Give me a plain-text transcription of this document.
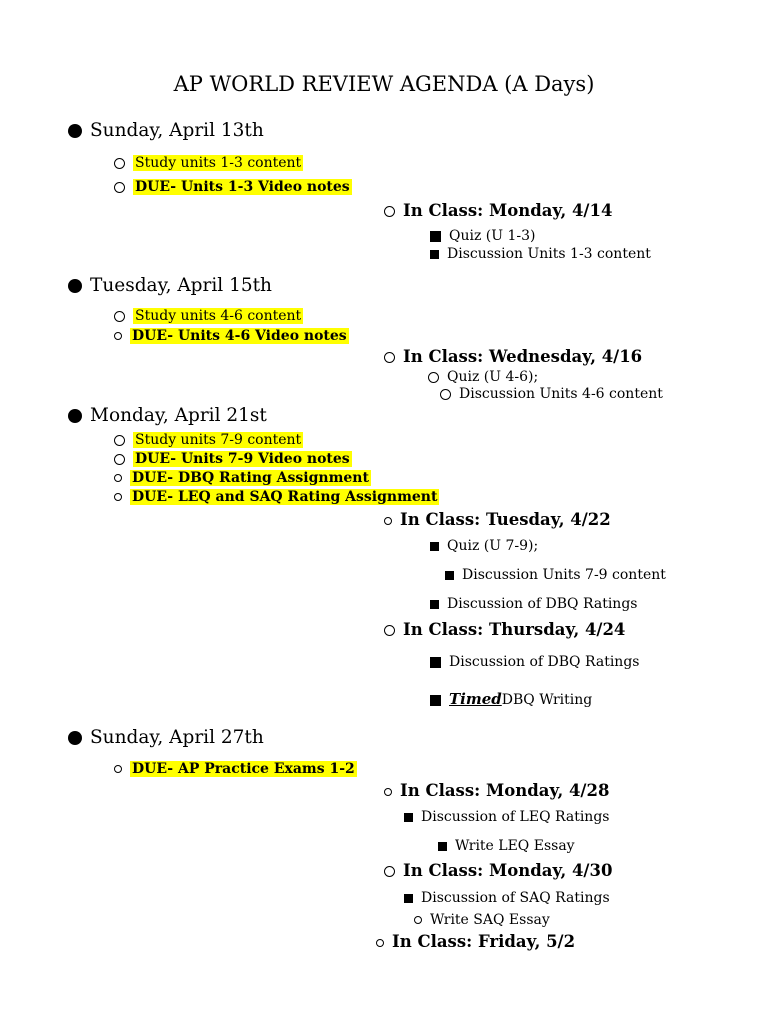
AP WORLD REVIEW AGENDA (A Days)
Sunday, April 13th
Study units 1-3 content
DUE- Units 1-3 Video notes
In Class: Monday, 4/14
Quiz (U 1-3)
Discussion Units 1-3 content
Tuesday, April 15th
Study units 4-6 content
DUE- Units 4-6 Video notes
In Class: Wednesday, 4/16
Quiz (U 4-6);
Discussion Units 4-6 content
Monday, April 21st
Study units 7-9 content
DUE- Units 7-9 Video notes
DUE- DBQ Rating Assignment
DUE- LEQ and SAQ Rating Assignment
In Class: Tuesday, 4/22
Quiz (U 7-9);
Discussion Units 7-9 content
Discussion of DBQ Ratings
In Class: Thursday, 4/24
Discussion of DBQ Ratings
TimedDBQ Writing
Sunday, April 27th
DUE- AP Practice Exams 1-2
In Class: Monday, 4/28
Discussion of LEQ Ratings
Write LEQ Essay
In Class: Monday, 4/30
Discussion of SAQ Ratings
Write SAQ Essay
In Class: Friday, 5/2
